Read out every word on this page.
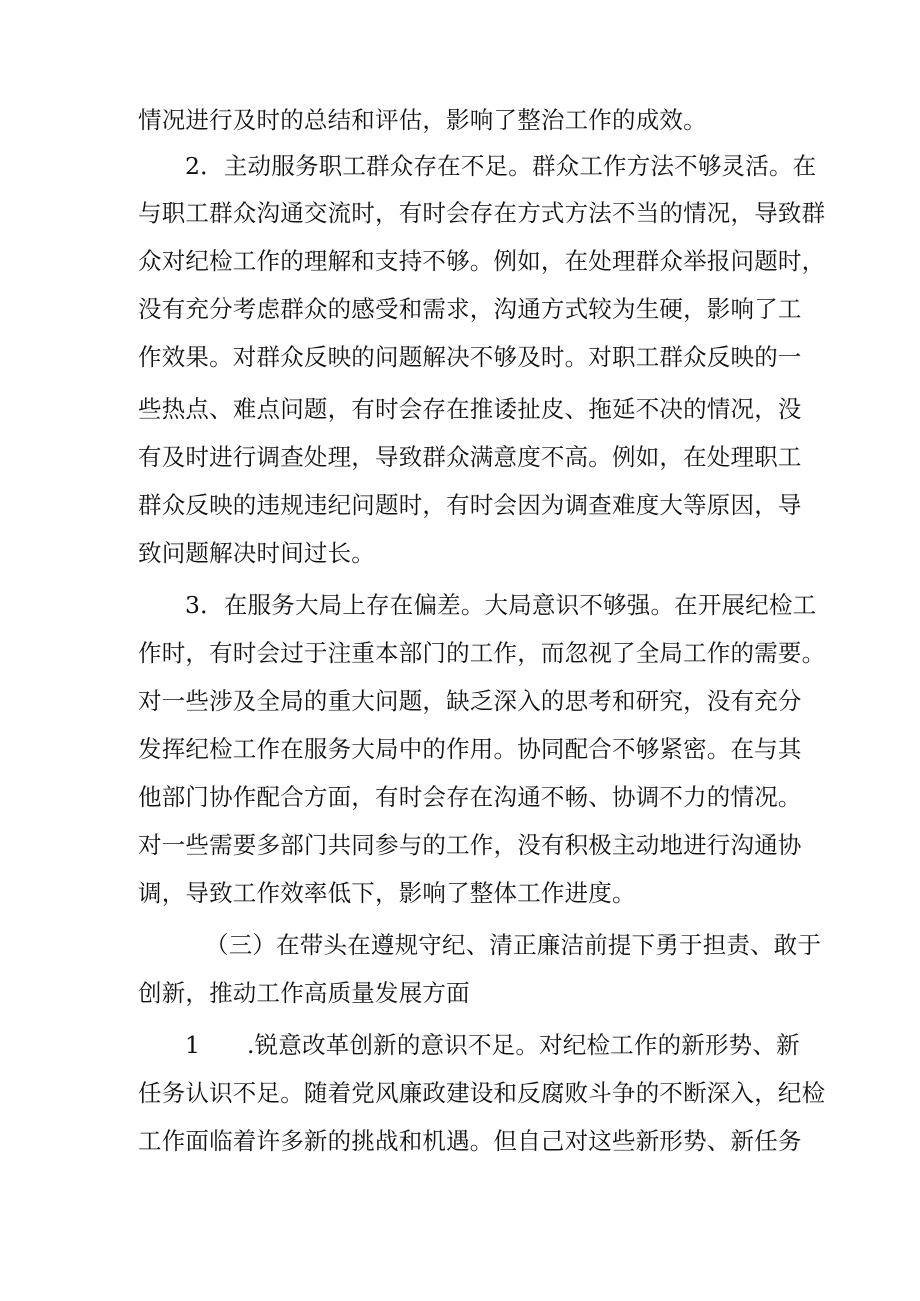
情况进行及时的总结和评估，影响了整治工作的成效。
2．主动服务职工群众存在不足。群众工作方法不够灵活。在
与职工群众沟通交流时，有时会存在方式方法不当的情况，导致群
众对纪检工作的理解和支持不够。例如，在处理群众举报问题时，
没有充分考虑群众的感受和需求，沟通方式较为生硬，影响了工
作效果。对群众反映的问题解决不够及时。对职工群众反映的一
些热点、难点问题，有时会存在推诿扯皮、拖延不决的情况，没
有及时进行调查处理，导致群众满意度不高。例如，在处理职工
群众反映的违规违纪问题时，有时会因为调查难度大等原因，导
致问题解决时间过长。
3．在服务大局上存在偏差。大局意识不够强。在开展纪检工
作时，有时会过于注重本部门的工作，而忽视了全局工作的需要。
对一些涉及全局的重大问题，缺乏深入的思考和研究，没有充分
发挥纪检工作在服务大局中的作用。协同配合不够紧密。在与其
他部门协作配合方面，有时会存在沟通不畅、协调不力的情况。
对一些需要多部门共同参与的工作，没有积极主动地进行沟通协
调，导致工作效率低下，影响了整体工作进度。
（三）在带头在遵规守纪、清正廉洁前提下勇于担责、敢于
创新，推动工作高质量发展方面
1 .锐意改革创新的意识不足。对纪检工作的新形势、新
任务认识不足。随着党风廉政建设和反腐败斗争的不断深入，纪检
工作面临着许多新的挑战和机遇。但自己对这些新形势、新任务
